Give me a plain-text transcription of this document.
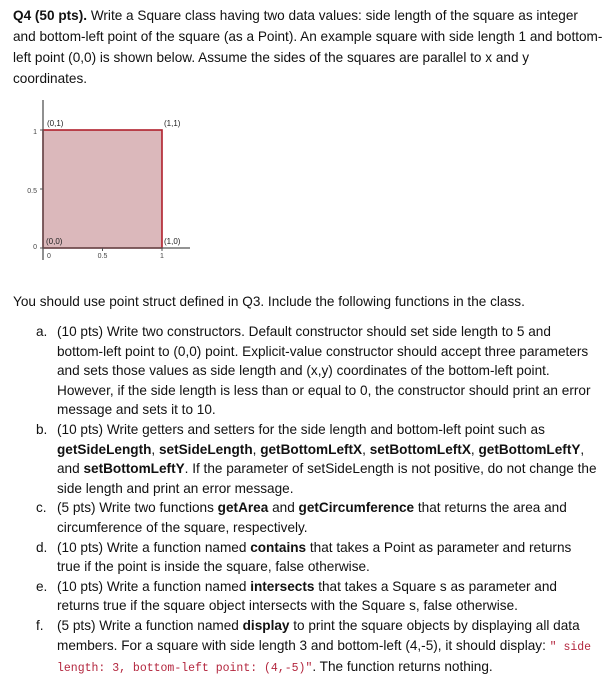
Q4 (50 pts). Write a Square class having two data values: side length of the square as integer and bottom-left point of the square (as a Point). An example square with side length 1 and bottom-left point (0,0) is shown below. Assume the sides of the squares are parallel to x and y coordinates.

1
0.5
0
0	0.5	1
(0,1)	(1,1)
(0,0)	(1,0)

You should use point struct defined in Q3. Include the following functions in the class.

a. (10 pts) Write two constructors. Default constructor should set side length to 5 and bottom-left point to (0,0) point. Explicit-value constructor should accept three parameters and sets those values as side length and (x,y) coordinates of the bottom-left point. However, if the side length is less than or equal to 0, the constructor should print an error message and sets it to 10.
b. (10 pts) Write getters and setters for the side length and bottom-left point such as getSideLength, setSideLength, getBottomLeftX, setBottomLeftX, getBottomLeftY, and setBottomLeftY. If the parameter of setSideLength is not positive, do not change the side length and print an error message.
c. (5 pts) Write two functions getArea and getCircumference that returns the area and circumference of the square, respectively.
d. (10 pts) Write a function named contains that takes a Point as parameter and returns true if the point is inside the square, false otherwise.
e. (10 pts) Write a function named intersects that takes a Square s as parameter and returns true if the square object intersects with the Square s, false otherwise.
f. (5 pts) Write a function named display to print the square objects by displaying all data members. For a square with side length 3 and bottom-left (4,-5), it should display: " side length: 3, bottom-left point: (4,-5)". The function returns nothing.
